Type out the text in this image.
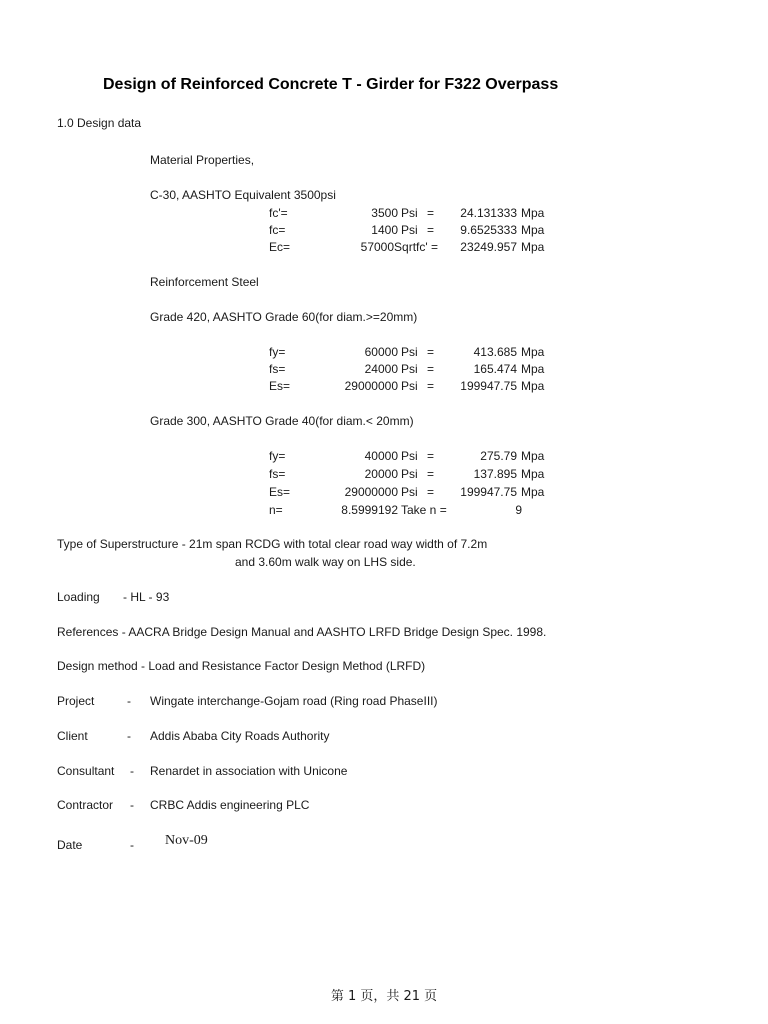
Design of Reinforced Concrete T - Girder for F322 Overpass
1.0 Design data
Material Properties,
C-30, AASHTO Equivalent 3500psi
fc'=	3500 Psi = 24.131333 Mpa
fc=	1400 Psi = 9.6525333 Mpa
Ec=	57000Sqrtfc' = 23249.957 Mpa
Reinforcement Steel
Grade 420, AASHTO Grade 60(for diam.>=20mm)
fy=	60000 Psi =	413.685 Mpa
fs=	24000 Psi =	165.474 Mpa
Es=	29000000 Psi = 199947.75 Mpa
Grade 300, AASHTO Grade 40(for diam.< 20mm)
fy=	40000 Psi =	275.79 Mpa
fs=	20000 Psi =	137.895 Mpa
Es=	29000000 Psi = 199947.75 Mpa
n=	8.5999192 Take n =	9
Type of Superstructure - 21m span RCDG with total clear road way width of 7.2m
and 3.60m walk way on LHS side.
Loading - HL - 93
References - AACRA Bridge Design Manual and AASHTO LRFD Bridge Design Spec. 1998.
Design method - Load and Resistance Factor Design Method (LRFD)
Project	- Wingate interchange-Gojam road (Ring road PhaseIII)
Client	- Addis Ababa City Roads Authority
Consultant - Renardet in association with Unicone
Contractor - CRBC Addis engineering PLC
Date	- Nov-09
第 1 页，共 21 页
